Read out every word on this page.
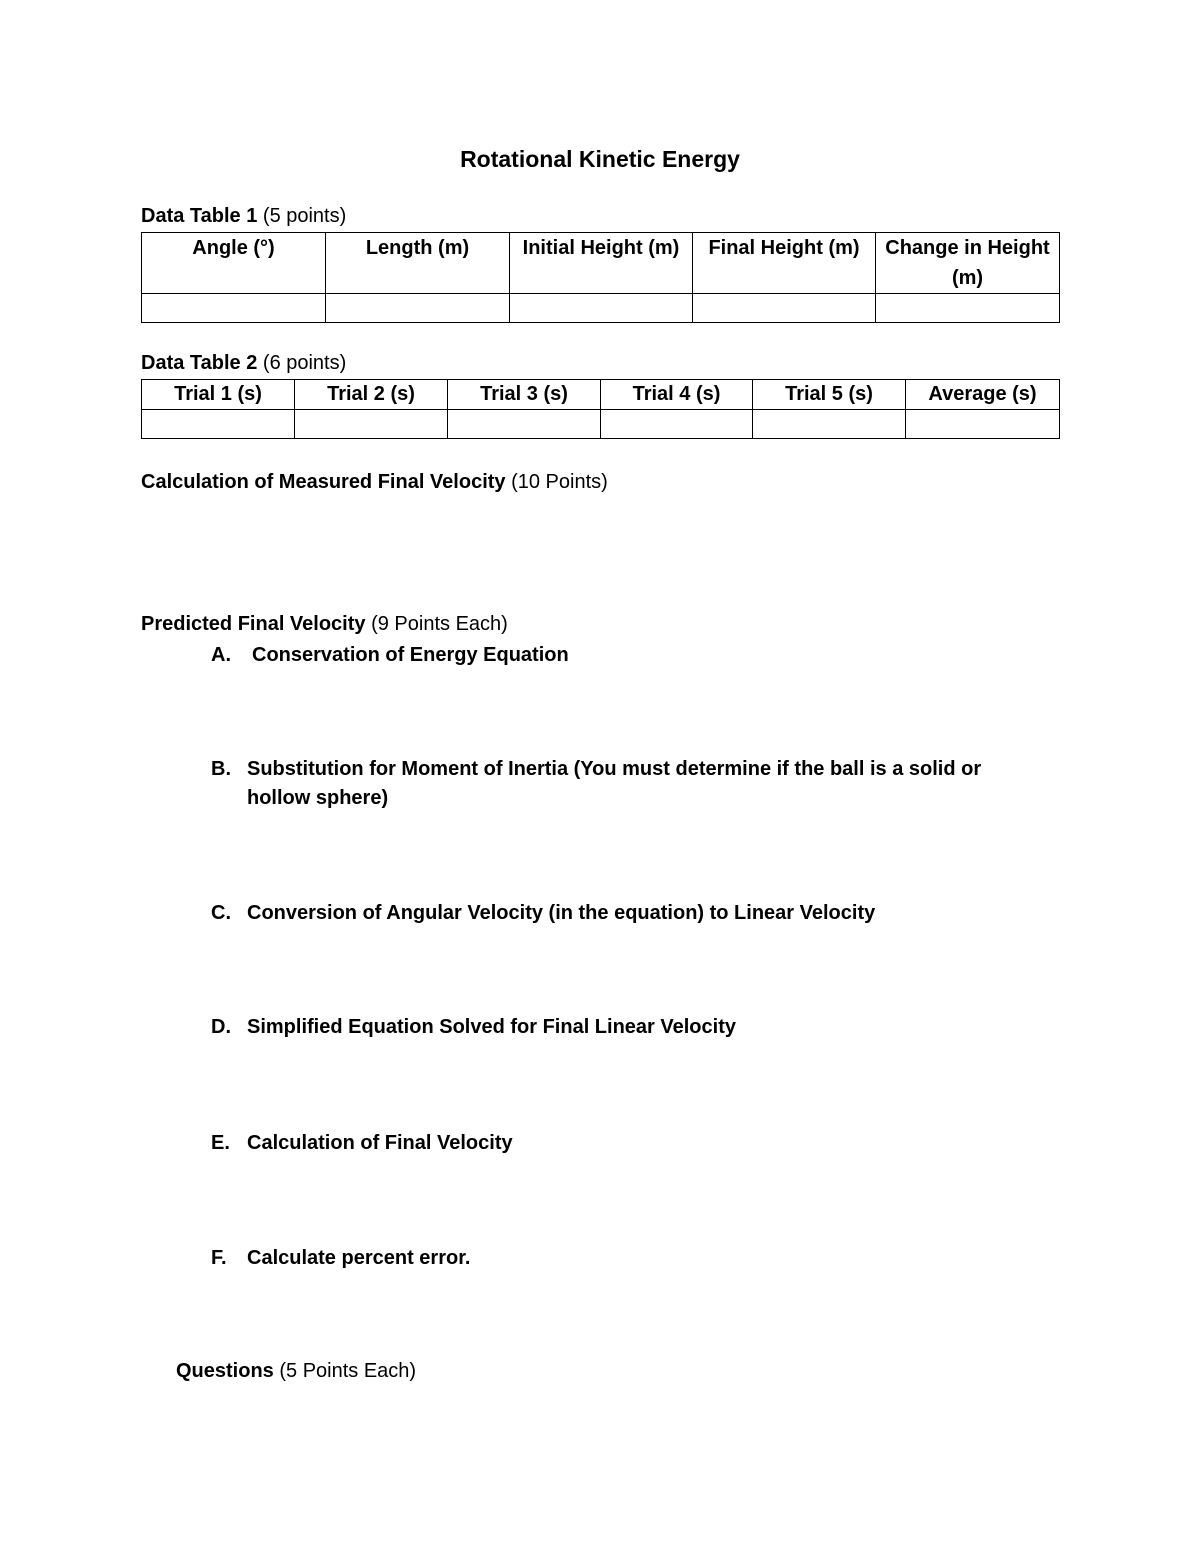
Rotational Kinetic Energy
Data Table 1 (5 points)
Angle (°)	Length (m)	Initial Height (m)	Final Height (m)	Change in Height (m)

Data Table 2 (6 points)
Trial 1 (s)	Trial 2 (s)	Trial 3 (s)	Trial 4 (s)	Trial 5 (s)	Average (s)

Calculation of Measured Final Velocity (10 Points)
Predicted Final Velocity (9 Points Each)
A.	Conservation of Energy Equation
B. Substitution for Moment of Inertia (You must determine if the ball is a solid or hollow sphere)
C. Conversion of Angular Velocity (in the equation) to Linear Velocity
D. Simplified Equation Solved for Final Linear Velocity
E. Calculation of Final Velocity
F.	Calculate percent error.
Questions (5 Points Each)
